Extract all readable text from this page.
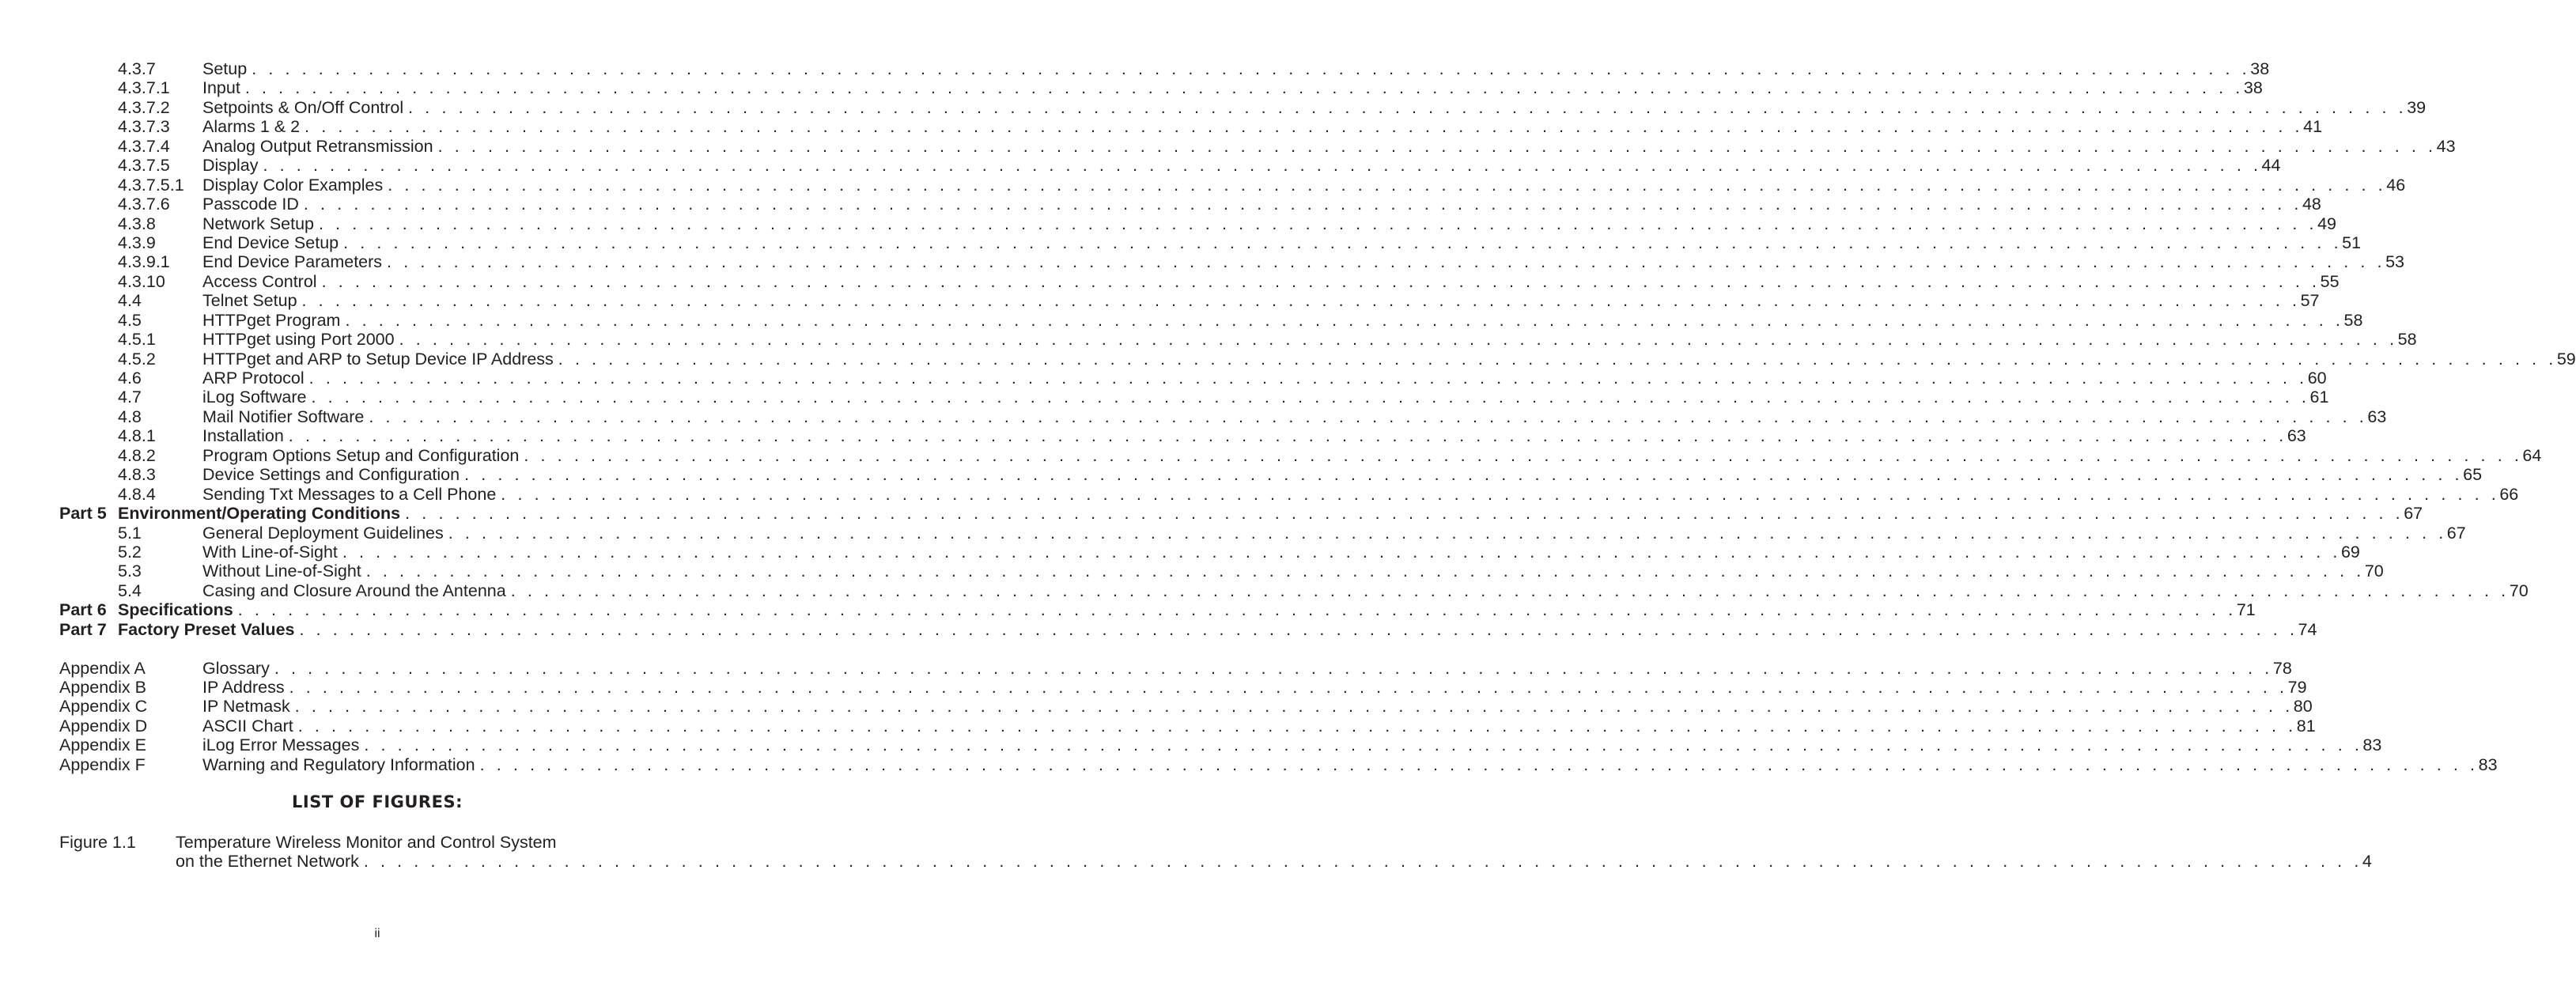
4.3.7	Setup . . . . . . . . . . . . . . . . . . . . . . . . . . . . . . . . . . . . . . . . . . . . . . . . . . . . . . . . . . . . . . . . . . . . . . . . . . . . . . . . . . . . . . . . . . . . . . . . . . . . . . . . . . . . . . . . . . . . . . . . 38
4.3.7.1 Input . . . . . . . . . . . . . . . . . . . . . . . . . . . . . . . . . . . . . . . . . . . . . . . . . . . . . . . . . . . . . . . . . . . . . . . . . . . . . . . . . . . . . . . . . . . . . . . . . . . . . . . . . . . . . . . . . . . . . . . . 38
4.3.7.2 Setpoints & On/Off Control . . . . . . . . . . . . . . . . . . . . . . . . . . . . . . . . . . . . . . . . . . . . . . . . . . . . . . . . . . . . . . . . . . . . . . . . . . . . . . . . . . . . . . . . . . . . . . . . . . . . . . . . . . . . . . . . . . . . . . . . 39
4.3.7.3 Alarms 1 & 2 . . . . . . . . . . . . . . . . . . . . . . . . . . . . . . . . . . . . . . . . . . . . . . . . . . . . . . . . . . . . . . . . . . . . . . . . . . . . . . . . . . . . . . . . . . . . . . . . . . . . . . . . . . . . . . . . . . . . . . . . 41
4.3.7.4 Analog Output Retransmission . . . . . . . . . . . . . . . . . . . . . . . . . . . . . . . . . . . . . . . . . . . . . . . . . . . . . . . . . . . . . . . . . . . . . . . . . . . . . . . . . . . . . . . . . . . . . . . . . . . . . . . . . . . . . . . . . . . . . . . . 43
4.3.7.5 Display . . . . . . . . . . . . . . . . . . . . . . . . . . . . . . . . . . . . . . . . . . . . . . . . . . . . . . . . . . . . . . . . . . . . . . . . . . . . . . . . . . . . . . . . . . . . . . . . . . . . . . . . . . . . . . . . . . . . . . . . 44
4.3.7.5.1 Display Color Examples . . . . . . . . . . . . . . . . . . . . . . . . . . . . . . . . . . . . . . . . . . . . . . . . . . . . . . . . . . . . . . . . . . . . . . . . . . . . . . . . . . . . . . . . . . . . . . . . . . . . . . . . . . . . . . . . . . . . . . . . 46
4.3.7.6 Passcode ID . . . . . . . . . . . . . . . . . . . . . . . . . . . . . . . . . . . . . . . . . . . . . . . . . . . . . . . . . . . . . . . . . . . . . . . . . . . . . . . . . . . . . . . . . . . . . . . . . . . . . . . . . . . . . . . . . . . . . . . . 48
4.3.8	Network Setup . . . . . . . . . . . . . . . . . . . . . . . . . . . . . . . . . . . . . . . . . . . . . . . . . . . . . . . . . . . . . . . . . . . . . . . . . . . . . . . . . . . . . . . . . . . . . . . . . . . . . . . . . . . . . . . . . . . . . . . . 49
4.3.9	End Device Setup . . . . . . . . . . . . . . . . . . . . . . . . . . . . . . . . . . . . . . . . . . . . . . . . . . . . . . . . . . . . . . . . . . . . . . . . . . . . . . . . . . . . . . . . . . . . . . . . . . . . . . . . . . . . . . . . . . . . . . . . 51
4.3.9.1 End Device Parameters . . . . . . . . . . . . . . . . . . . . . . . . . . . . . . . . . . . . . . . . . . . . . . . . . . . . . . . . . . . . . . . . . . . . . . . . . . . . . . . . . . . . . . . . . . . . . . . . . . . . . . . . . . . . . . . . . . . . . . . . 53
4.3.10 Access Control . . . . . . . . . . . . . . . . . . . . . . . . . . . . . . . . . . . . . . . . . . . . . . . . . . . . . . . . . . . . . . . . . . . . . . . . . . . . . . . . . . . . . . . . . . . . . . . . . . . . . . . . . . . . . . . . . . . . . . . . 55
4.4	Telnet Setup . . . . . . . . . . . . . . . . . . . . . . . . . . . . . . . . . . . . . . . . . . . . . . . . . . . . . . . . . . . . . . . . . . . . . . . . . . . . . . . . . . . . . . . . . . . . . . . . . . . . . . . . . . . . . . . . . . . . . . . . 57
4.5	HTTPget Program . . . . . . . . . . . . . . . . . . . . . . . . . . . . . . . . . . . . . . . . . . . . . . . . . . . . . . . . . . . . . . . . . . . . . . . . . . . . . . . . . . . . . . . . . . . . . . . . . . . . . . . . . . . . . . . . . . . . . . . . 58
4.5.1	HTTPget using Port 2000 . . . . . . . . . . . . . . . . . . . . . . . . . . . . . . . . . . . . . . . . . . . . . . . . . . . . . . . . . . . . . . . . . . . . . . . . . . . . . . . . . . . . . . . . . . . . . . . . . . . . . . . . . . . . . . . . . . . . . . . . 58
4.5.2	HTTPget and ARP to Setup Device IP Address . . . . . . . . . . . . . . . . . . . . . . . . . . . . . . . . . . . . . . . . . . . . . . . . . . . . . . . . . . . . . . . . . . . . . . . . . . . . . . . . . . . . . . . . . . . . . . . . . . . . . . . . . . . . . . . . . . . . . . . . 59
4.6	ARP Protocol . . . . . . . . . . . . . . . . . . . . . . . . . . . . . . . . . . . . . . . . . . . . . . . . . . . . . . . . . . . . . . . . . . . . . . . . . . . . . . . . . . . . . . . . . . . . . . . . . . . . . . . . . . . . . . . . . . . . . . . . 60
4.7	iLog Software . . . . . . . . . . . . . . . . . . . . . . . . . . . . . . . . . . . . . . . . . . . . . . . . . . . . . . . . . . . . . . . . . . . . . . . . . . . . . . . . . . . . . . . . . . . . . . . . . . . . . . . . . . . . . . . . . . . . . . . . 61
4.8	Mail Notifier Software . . . . . . . . . . . . . . . . . . . . . . . . . . . . . . . . . . . . . . . . . . . . . . . . . . . . . . . . . . . . . . . . . . . . . . . . . . . . . . . . . . . . . . . . . . . . . . . . . . . . . . . . . . . . . . . . . . . . . . . . 63
4.8.1	Installation . . . . . . . . . . . . . . . . . . . . . . . . . . . . . . . . . . . . . . . . . . . . . . . . . . . . . . . . . . . . . . . . . . . . . . . . . . . . . . . . . . . . . . . . . . . . . . . . . . . . . . . . . . . . . . . . . . . . . . . . 63
4.8.2	Program Options Setup and Configuration . . . . . . . . . . . . . . . . . . . . . . . . . . . . . . . . . . . . . . . . . . . . . . . . . . . . . . . . . . . . . . . . . . . . . . . . . . . . . . . . . . . . . . . . . . . . . . . . . . . . . . . . . . . . . . . . . . . . . . . . 64
4.8.3	Device Settings and Configuration . . . . . . . . . . . . . . . . . . . . . . . . . . . . . . . . . . . . . . . . . . . . . . . . . . . . . . . . . . . . . . . . . . . . . . . . . . . . . . . . . . . . . . . . . . . . . . . . . . . . . . . . . . . . . . . . . . . . . . . . 65
4.8.4	Sending Txt Messages to a Cell Phone . . . . . . . . . . . . . . . . . . . . . . . . . . . . . . . . . . . . . . . . . . . . . . . . . . . . . . . . . . . . . . . . . . . . . . . . . . . . . . . . . . . . . . . . . . . . . . . . . . . . . . . . . . . . . . . . . . . . . . . . 66
Part 5 Environment/Operating Conditions . . . . . . . . . . . . . . . . . . . . . . . . . . . . . . . . . . . . . . . . . . . . . . . . . . . . . . . . . . . . . . . . . . . . . . . . . . . . . . . . . . . . . . . . . . . . . . . . . . . . . . . . . . . . . . . . . . . . . . . . 67
5.1	General Deployment Guidelines . . . . . . . . . . . . . . . . . . . . . . . . . . . . . . . . . . . . . . . . . . . . . . . . . . . . . . . . . . . . . . . . . . . . . . . . . . . . . . . . . . . . . . . . . . . . . . . . . . . . . . . . . . . . . . . . . . . . . . . . 67
5.2	With Line-of-Sight . . . . . . . . . . . . . . . . . . . . . . . . . . . . . . . . . . . . . . . . . . . . . . . . . . . . . . . . . . . . . . . . . . . . . . . . . . . . . . . . . . . . . . . . . . . . . . . . . . . . . . . . . . . . . . . . . . . . . . . . 69
5.3	Without Line-of-Sight . . . . . . . . . . . . . . . . . . . . . . . . . . . . . . . . . . . . . . . . . . . . . . . . . . . . . . . . . . . . . . . . . . . . . . . . . . . . . . . . . . . . . . . . . . . . . . . . . . . . . . . . . . . . . . . . . . . . . . . . 70
5.4	Casing and Closure Around the Antenna . . . . . . . . . . . . . . . . . . . . . . . . . . . . . . . . . . . . . . . . . . . . . . . . . . . . . . . . . . . . . . . . . . . . . . . . . . . . . . . . . . . . . . . . . . . . . . . . . . . . . . . . . . . . . . . . . . . . . . . . 70
Part 6 Specifications . . . . . . . . . . . . . . . . . . . . . . . . . . . . . . . . . . . . . . . . . . . . . . . . . . . . . . . . . . . . . . . . . . . . . . . . . . . . . . . . . . . . . . . . . . . . . . . . . . . . . . . . . . . . . . . . . . . . . . . . 71
Part 7 Factory Preset Values . . . . . . . . . . . . . . . . . . . . . . . . . . . . . . . . . . . . . . . . . . . . . . . . . . . . . . . . . . . . . . . . . . . . . . . . . . . . . . . . . . . . . . . . . . . . . . . . . . . . . . . . . . . . . . . . . . . . . . . . 74
Appendix A	Glossary . . . . . . . . . . . . . . . . . . . . . . . . . . . . . . . . . . . . . . . . . . . . . . . . . . . . . . . . . . . . . . . . . . . . . . . . . . . . . . . . . . . . . . . . . . . . . . . . . . . . . . . . . . . . . . . . . . . . . . . . 78
Appendix B	IP Address . . . . . . . . . . . . . . . . . . . . . . . . . . . . . . . . . . . . . . . . . . . . . . . . . . . . . . . . . . . . . . . . . . . . . . . . . . . . . . . . . . . . . . . . . . . . . . . . . . . . . . . . . . . . . . . . . . . . . . . . 79
Appendix C	IP Netmask . . . . . . . . . . . . . . . . . . . . . . . . . . . . . . . . . . . . . . . . . . . . . . . . . . . . . . . . . . . . . . . . . . . . . . . . . . . . . . . . . . . . . . . . . . . . . . . . . . . . . . . . . . . . . . . . . . . . . . . . 80
Appendix D	ASCII Chart . . . . . . . . . . . . . . . . . . . . . . . . . . . . . . . . . . . . . . . . . . . . . . . . . . . . . . . . . . . . . . . . . . . . . . . . . . . . . . . . . . . . . . . . . . . . . . . . . . . . . . . . . . . . . . . . . . . . . . . . 81
Appendix E	iLog Error Messages . . . . . . . . . . . . . . . . . . . . . . . . . . . . . . . . . . . . . . . . . . . . . . . . . . . . . . . . . . . . . . . . . . . . . . . . . . . . . . . . . . . . . . . . . . . . . . . . . . . . . . . . . . . . . . . . . . . . . . . . 83
Appendix F	Warning and Regulatory Information . . . . . . . . . . . . . . . . . . . . . . . . . . . . . . . . . . . . . . . . . . . . . . . . . . . . . . . . . . . . . . . . . . . . . . . . . . . . . . . . . . . . . . . . . . . . . . . . . . . . . . . . . . . . . . . . . . . . . . . . 83
LIST OF FIGURES:
Figure 1.1 Temperature Wireless Monitor and Control System
on the Ethernet Network . . . . . . . . . . . . . . . . . . . . . . . . . . . . . . . . . . . . . . . . . . . . . . . . . . . . . . . . . . . . . . . . . . . . . . . . . . . . . . . . . . . . . . . . . . . . . . . . . . . . . . . . . . . . . . . . . . . . . . . . 4
ii
